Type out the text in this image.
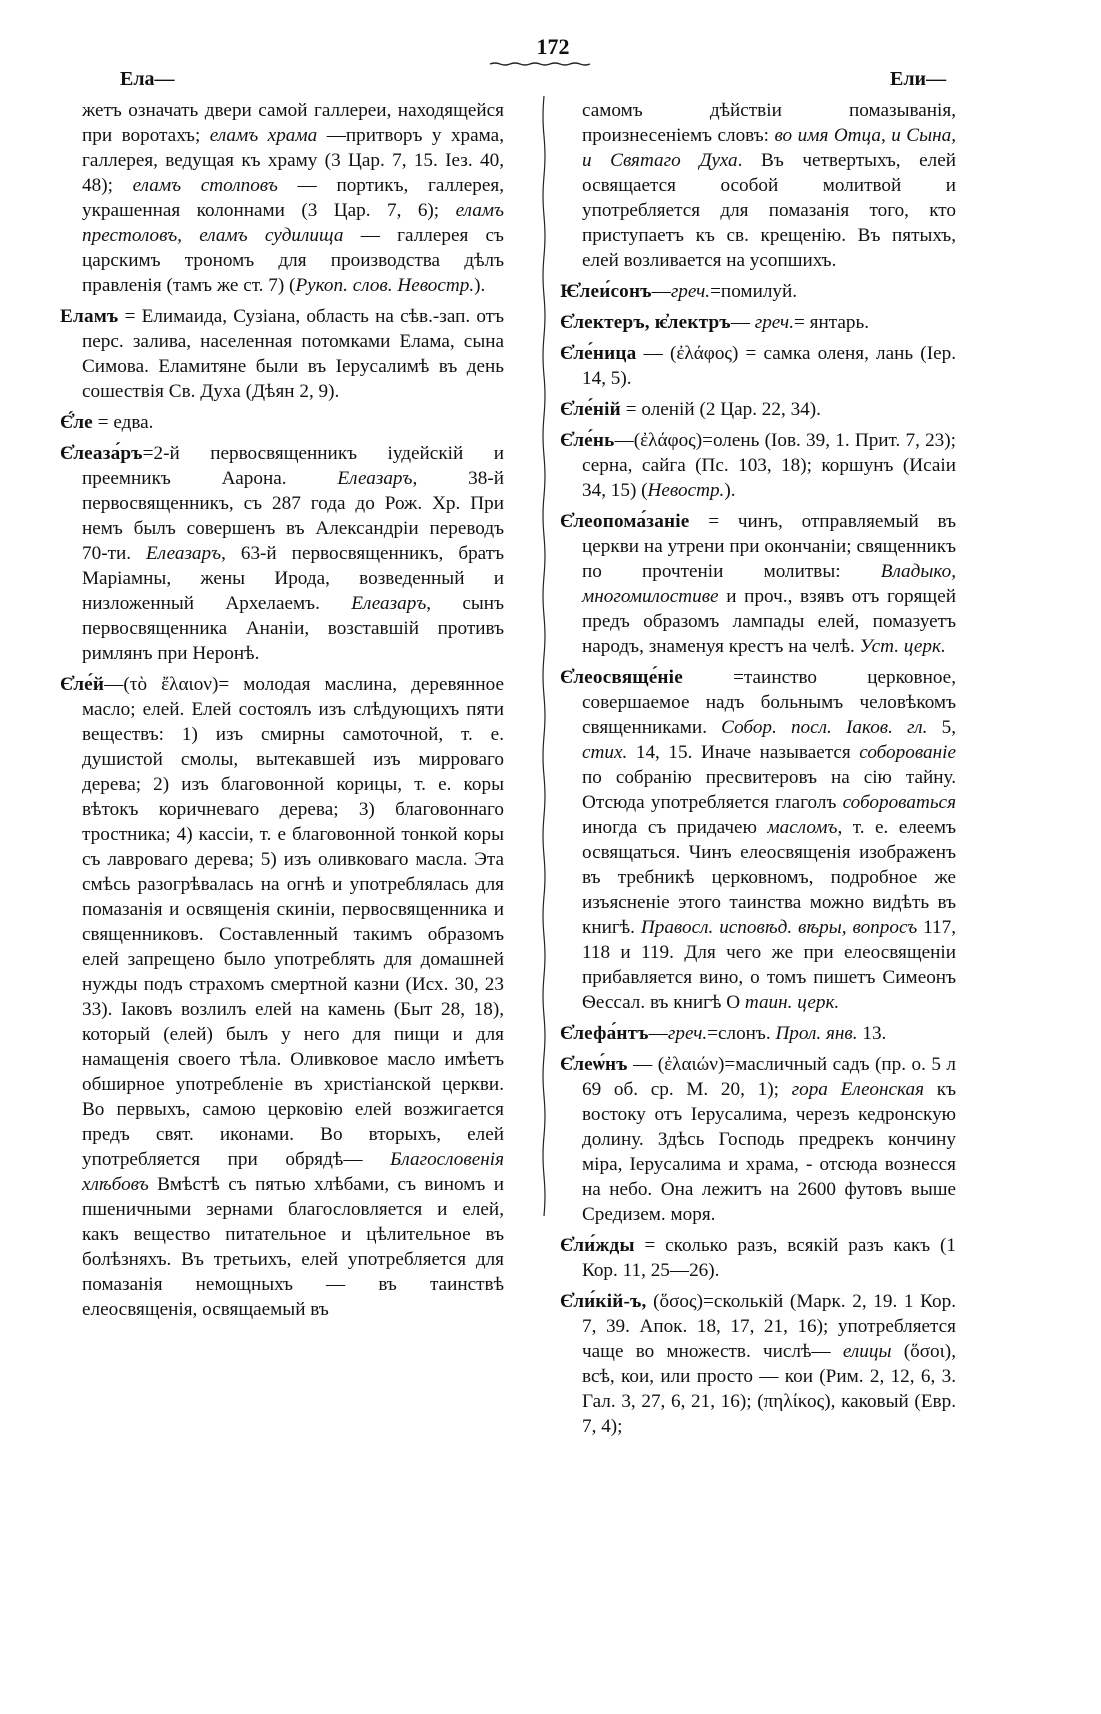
172
Ела—	Ели—

жетъ означать двери самой галлереи, находящейся при воротахъ; еламъ храма —притворъ у храма, галлерея, ведущая къ храму (3 Цар. 7, 15. Іез. 40, 48); еламъ столповъ — портикъ, галлерея, украшенная колоннами (3 Цар. 7, 6); еламъ престоловъ, еламъ судилища — галлерея съ царскимъ трономъ для производства дѣлъ правленія (тамъ же ст. 7) (Рукоп. слов. Невостр.).

Еламъ = Елимаида, Сузіана, область на сѣв.-зап. отъ перс. залива, населенная потомками Елама, сына Симова. Еламитяне были въ Іерусалимѣ въ день сошествія Св. Духа (Дѣян 2, 9).

Є҆́ле = едва.

Є҆леаза́ръ=2-й первосвященникъ іудейскій и преемникъ Аарона. Елеазаръ, 38-й первосвященникъ, съ 287 года до Рож. Хр. При немъ былъ совершенъ въ Александріи переводъ 70-ти. Елеазаръ, 63-й первосвященникъ, братъ Маріамны, жены Ирода, возведенный и низложенный Архелаемъ. Елеазаръ, сынъ первосвященника Ананіи, возставшій противъ римлянъ при Неронѣ.

Є҆ле́й—(τὸ ἔλαιον)= молодая маслина, деревянное масло; елей. Елей состоялъ изъ слѣдующихъ пяти веществъ: 1) изъ смирны самоточной, т. е. душистой смолы, вытекавшей изъ мирроваго дерева; 2) изъ благовонной корицы, т. е. коры вѣтокъ коричневаго дерева; 3) благовоннаго тростника; 4) кассіи, т. е благовонной тонкой коры съ лавроваго дерева; 5) изъ оливковаго масла. Эта смѣсь разогрѣвалась на огнѣ и употреблялась для помазанія и освященія скиніи, первосвященника и священниковъ. Составленный такимъ образомъ елей запрещено было употреблять для домашней нужды подъ страхомъ смертной казни (Исх. 30, 23 33). Іаковъ возлилъ елей на камень (Быт 28, 18), который (елей) былъ у него для пищи и для намащенія своего тѣла. Оливковое масло имѣетъ обширное употребленіе въ христіанской церкви. Во первыхъ, самою церковію елей возжигается предъ свят. иконами. Во вторыхъ, елей употребляется при обрядѣ— Благословенія хлѣбовъ Вмѣстѣ съ пятью хлѣбами, съ виномъ и пшеничными зернами благословляется и елей, какъ вещество питательное и цѣлительное въ болѣзняхъ. Въ третьихъ, елей употребляется для помазанія немощныхъ — въ таинствѣ елеосвященія, освящаемый въ

самомъ дѣйствіи помазыванія, произнесеніемъ словъ: во имя Отца, и Сына, и Святаго Духа. Въ четвертыхъ, елей освящается особой молитвой и употребляется для помазанія того, кто приступаетъ къ св. крещенію. Въ пятыхъ, елей возливается на усопшихъ.

Ѥ҆леи́сонъ—греч.=помилуй.

Є҆лектеръ, ѥ҆лектръ— греч.= янтарь.

Є҆ле́ница — (ἐλάφος) = самка оленя, лань (Іер. 14, 5).

Є҆ле́ній = оленій (2 Цар. 22, 34).

Є҆ле́нь—(ἐλάφος)=олень (Іов. 39, 1. Прит. 7, 23); серна, сайга (Пс. 103, 18); коршунъ (Исаіи 34, 15) (Невостр.).

Є҆леопома́заніе = чинъ, отправляемый въ церкви на утрени при окончаніи; священникъ по прочтеніи молитвы: Владыко, многомилостиве и проч., взявъ отъ горящей предъ образомъ лампады елей, помазуетъ народъ, знаменуя крестъ на челѣ. Уст. церк.

Є҆леосвяще́ніе =таинство церковное, совершаемое надъ больнымъ человѣкомъ священниками. Собор. посл. Іаков. гл. 5, стих. 14, 15. Иначе называется соборованіе по собранію пресвитеровъ на сію тайну. Отсюда употребляется глаголъ собороваться иногда съ придачею масломъ, т. е. елеемъ освящаться. Чинъ елеосвященія изображенъ въ требникѣ церковномъ, подробное же изъясненіе этого таинства можно видѣть въ книгѣ. Правосл. исповѣд. вѣры, вопросъ 117, 118 и 119. Для чего же при елеосвященіи прибавляется вино, о томъ пишетъ Симеонъ Ѳессал. въ книгѣ О таин. церк.

Є҆лефа́нтъ—греч.=слонъ. Прол. янв. 13.

Є҆леѡ́нъ — (ἐλαιών)=масличный садъ (пр. о. 5 л 69 об. ср. М. 20, 1); гора Елеонская къ востоку отъ Іерусалима, черезъ кедронскую долину. Здѣсь Господь предрекъ кончину міра, Іерусалима и храма, - отсюда вознесся на небо. Она лежитъ на 2600 футовъ выше Средизем. моря.

Є҆ли́жды = сколько разъ, всякій разъ какъ (1 Кор. 11, 25—26).

Є҆ли́кій-ъ, (ὅσος)=сколькій (Марк. 2, 19. 1 Кор. 7, 39. Апок. 18, 17, 21, 16); употребляется чаще во множеств. числѣ— елицы (ὅσοι), всѣ, кои, или просто — кои (Рим. 2, 12, 6, 3. Гал. 3, 27, 6, 21, 16); (πηλίκος), каковый (Евр. 7, 4);
